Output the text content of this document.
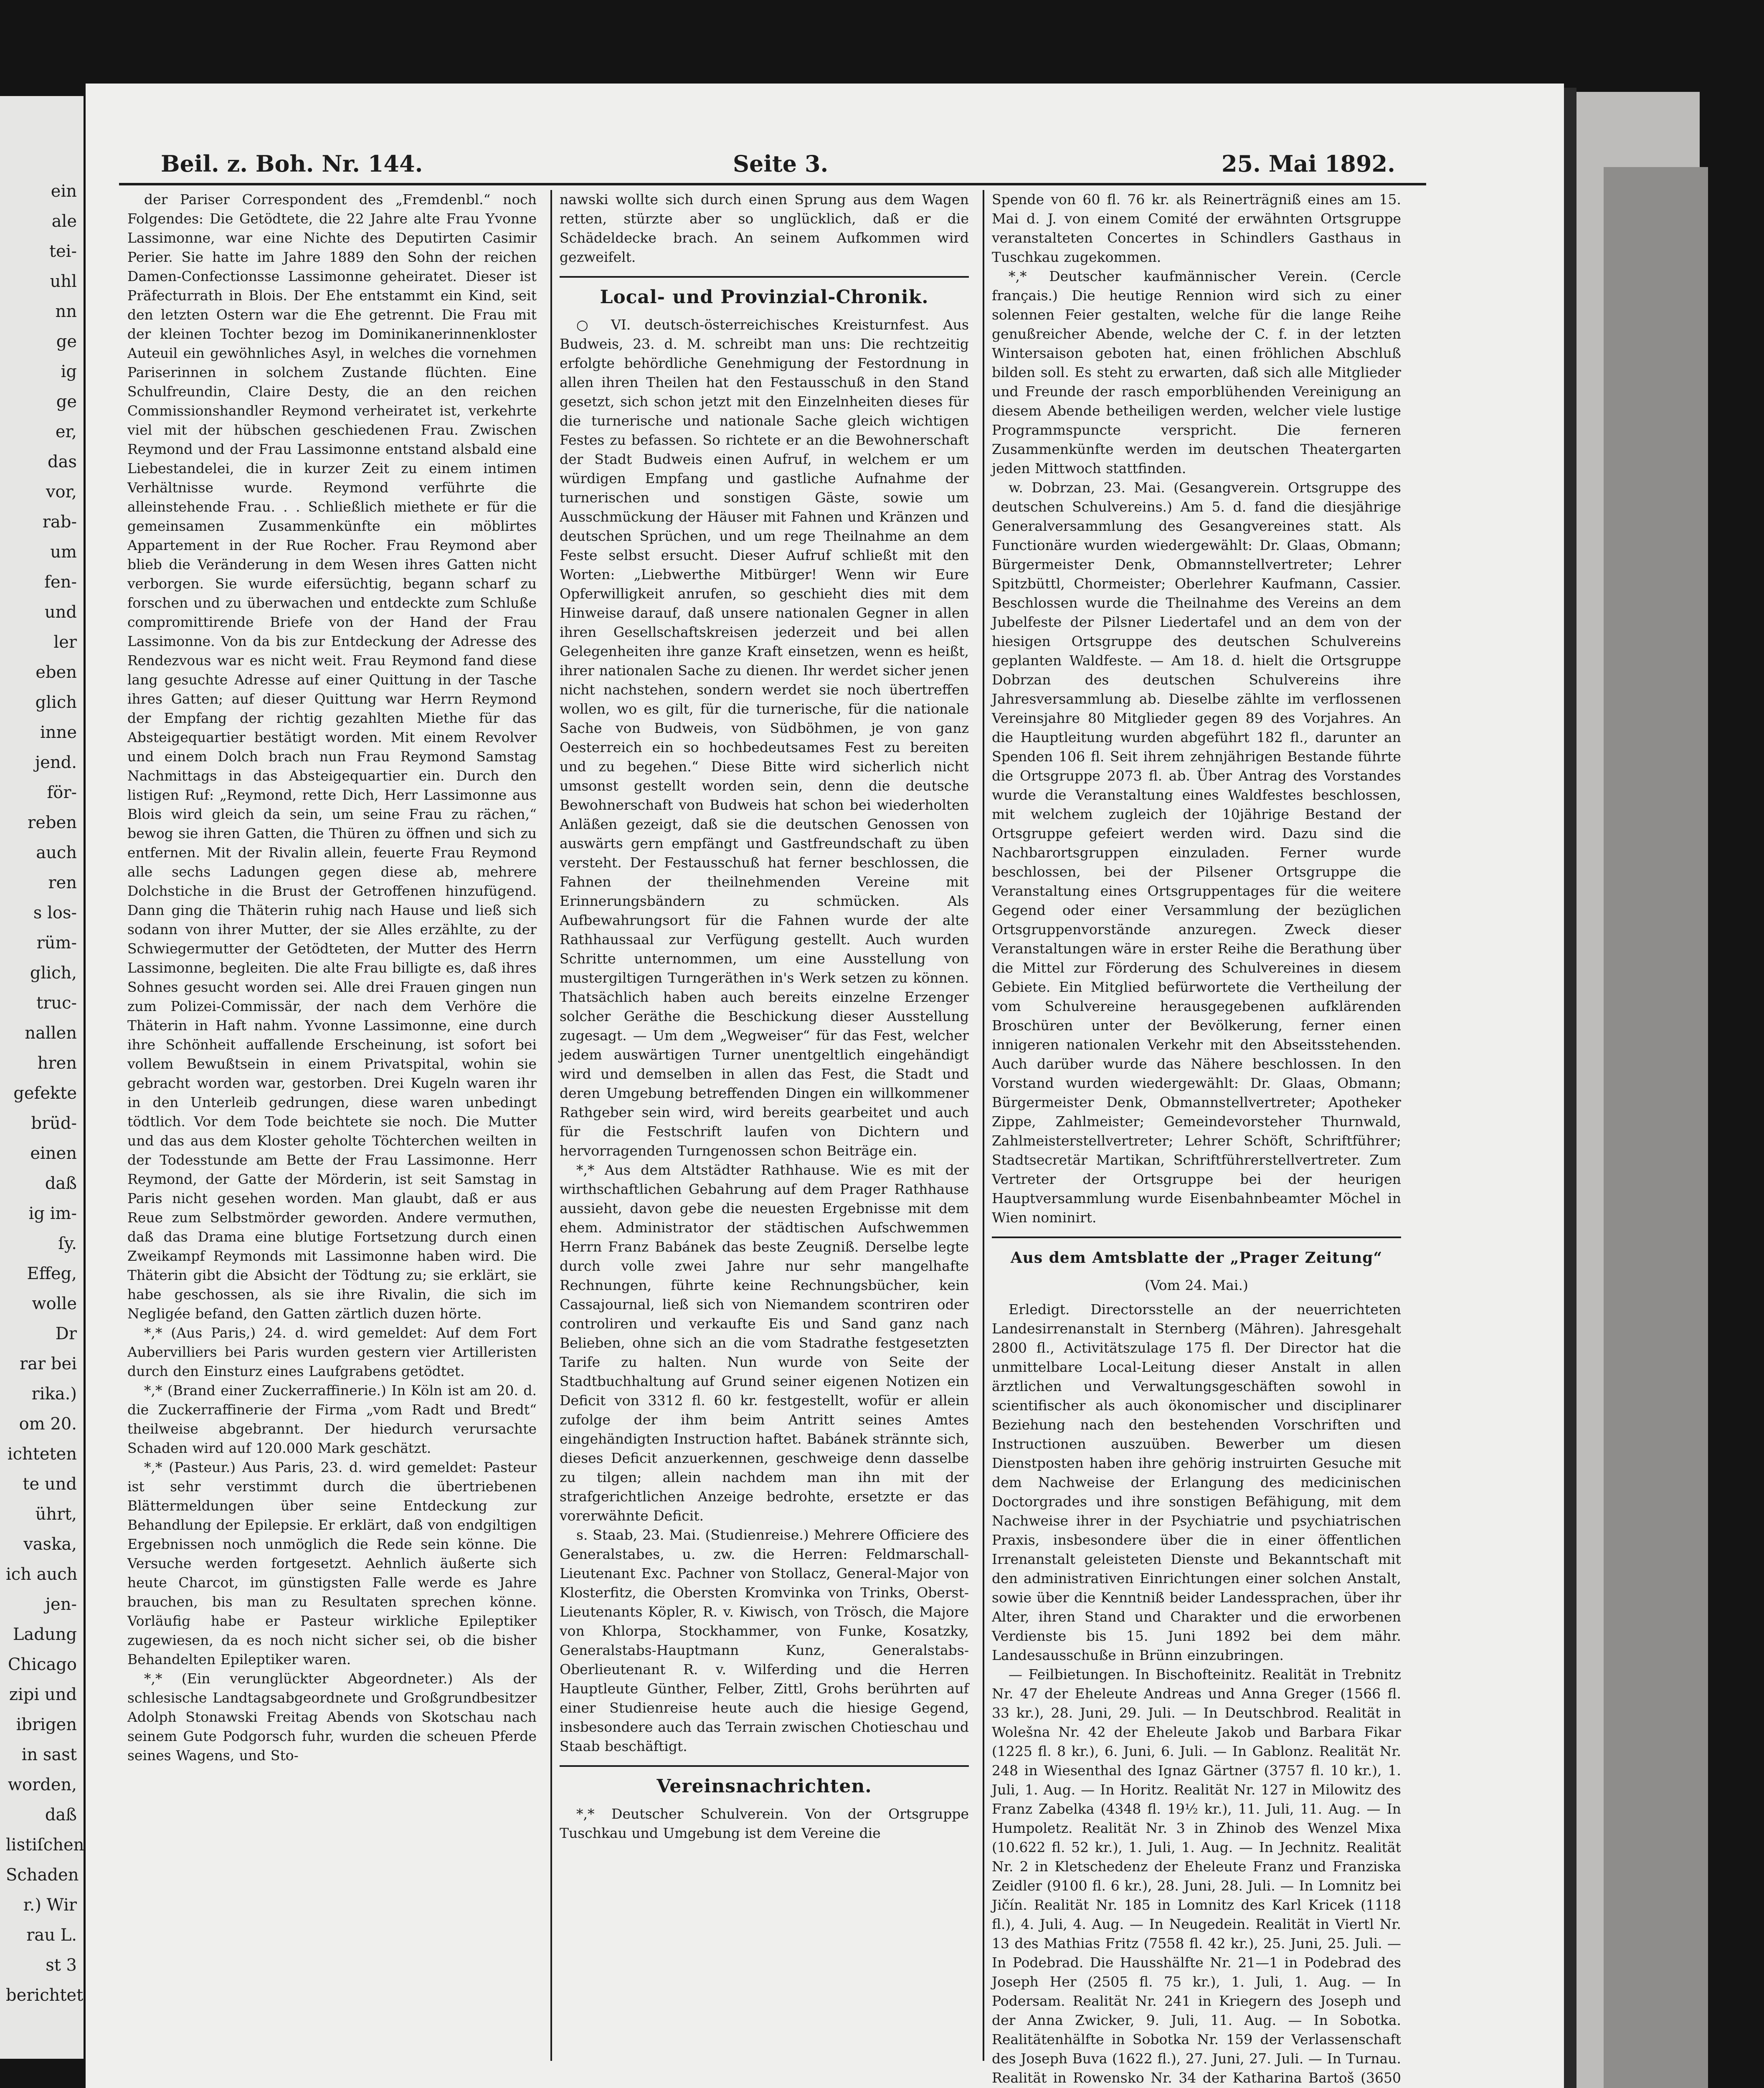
ein
ale
tei-
uhl
nn
ge
ig
ge
er,
das
vor,
rab-
um
fen-
und
ler
eben
glich
inne
jend.
för-
reben
auch
ren
s los-
rüm-
glich,
truc-
nallen
hren
gefekte
brüd-
einen
daß
ig im-
ſy.
Effeg,
wolle
Dr
rar bei
rika.)
om 20.
ichteten
te und
ührt,
vaska,
ich auch
jen-
Ladung
Chicago
zipi und
ibrigen
in sast
worden,
daß
listiſchen
Schaden
r.) Wir
rau L.
st 3
berichtet
Beil. z. Boh. Nr. 144.	Seite 3.	25. Mai 1892.

der Pariser Correspondent des „Fremdenbl.“ noch Folgendes: Die Getödtete, die 22 Jahre alte Frau Yvonne Lassimonne, war eine Nichte des Deputirten Casimir Perier. Sie hatte im Jahre 1889 den Sohn der reichen Damen-Confectionsse Lassimonne geheiratet. Dieser ist Präfecturrath in Blois. Der Ehe entstammt ein Kind, seit den letzten Ostern war die Ehe getrennt. Die Frau mit der kleinen Tochter bezog im Dominikanerinnenkloster Auteuil ein gewöhnliches Asyl, in welches die vornehmen Pariserinnen in solchem Zustande flüchten. Eine Schulfreundin, Claire Desty, die an den reichen Commissionshandler Reymond verheiratet ist, verkehrte viel mit der hübschen geschiedenen Frau. Zwischen Reymond und der Frau Lassimonne entstand alsbald eine Liebestandelei, die in kurzer Zeit zu einem intimen Verhältnisse wurde. Reymond verführte die alleinstehende Frau. . . Schließlich miethete er für die gemeinsamen Zusammenkünfte ein möblirtes Appartement in der Rue Rocher. Frau Reymond aber blieb die Veränderung in dem Wesen ihres Gatten nicht verborgen. Sie wurde eifersüchtig, begann scharf zu forschen und zu überwachen und entdeckte zum Schluße compromittirende Briefe von der Hand der Frau Lassimonne. Von da bis zur Entdeckung der Adresse des Rendezvous war es nicht weit. Frau Reymond fand diese lang gesuchte Adresse auf einer Quittung in der Tasche ihres Gatten; auf dieser Quittung war Herrn Reymond der Empfang der richtig gezahlten Miethe für das Absteigequartier bestätigt worden. Mit einem Revolver und einem Dolch brach nun Frau Reymond Samstag Nachmittags in das Absteigequartier ein. Durch den listigen Ruf: „Reymond, rette Dich, Herr Lassimonne aus Blois wird gleich da sein, um seine Frau zu rächen,“ bewog sie ihren Gatten, die Thüren zu öffnen und sich zu entfernen. Mit der Rivalin allein, feuerte Frau Reymond alle sechs Ladungen gegen diese ab, mehrere Dolchstiche in die Brust der Getroffenen hinzufügend. Dann ging die Thäterin ruhig nach Hause und ließ sich sodann von ihrer Mutter, der sie Alles erzählte, zu der Schwiegermutter der Getödteten, der Mutter des Herrn Lassimonne, begleiten. Die alte Frau billigte es, daß ihres Sohnes gesucht worden sei. Alle drei Frauen gingen nun zum Polizei-Commissär, der nach dem Verhöre die Thäterin in Haft nahm. Yvonne Lassimonne, eine durch ihre Schönheit auffallende Erscheinung, ist sofort bei vollem Bewußtsein in einem Privatspital, wohin sie gebracht worden war, gestorben. Drei Kugeln waren ihr in den Unterleib gedrungen, diese waren unbedingt tödtlich. Vor dem Tode beichtete sie noch. Die Mutter und das aus dem Kloster geholte Töchterchen weilten in der Todesstunde am Bette der Frau Lassimonne. Herr Reymond, der Gatte der Mörderin, ist seit Samstag in Paris nicht gesehen worden. Man glaubt, daß er aus Reue zum Selbstmörder geworden. Andere vermuthen, daß das Drama eine blutige Fortsetzung durch einen Zweikampf Reymonds mit Lassimonne haben wird. Die Thäterin gibt die Absicht der Tödtung zu; sie erklärt, sie habe geschossen, als sie ihre Rivalin, die sich im Negligée befand, den Gatten zärtlich duzen hörte.

*,* (Aus Paris,) 24. d. wird gemeldet: Auf dem Fort Aubervilliers bei Paris wurden gestern vier Artilleristen durch den Einsturz eines Laufgrabens getödtet.

*,* (Brand einer Zuckerraffinerie.) In Köln ist am 20. d. die Zuckerraffinerie der Firma „vom Radt und Bredt“ theilweise abgebrannt. Der hiedurch verursachte Schaden wird auf 120.000 Mark geschätzt.

*,* (Pasteur.) Aus Paris, 23. d. wird gemeldet: Pasteur ist sehr verstimmt durch die übertriebenen Blättermeldungen über seine Entdeckung zur Behandlung der Epilepsie. Er erklärt, daß von endgiltigen Ergebnissen noch unmöglich die Rede sein könne. Die Versuche werden fortgesetzt. Aehnlich äußerte sich heute Charcot, im günstigsten Falle werde es Jahre brauchen, bis man zu Resultaten sprechen könne. Vorläufig habe er Pasteur wirkliche Epileptiker zugewiesen, da es noch nicht sicher sei, ob die bisher Behandelten Epileptiker waren.

*,* (Ein verunglückter Abgeordneter.) Als der schlesische Landtagsabgeordnete und Großgrundbesitzer Adolph Stonawski Freitag Abends von Skotschau nach seinem Gute Podgorsch fuhr, wurden die scheuen Pferde seines Wagens, und Sto-

nawski wollte sich durch einen Sprung aus dem Wagen retten, stürzte aber so unglücklich, daß er die Schädeldecke brach. An seinem Aufkommen wird gezweifelt.

Local- und Provinzial-Chronik.

○ VI. deutsch-österreichisches Kreisturnfest. Aus Budweis, 23. d. M. schreibt man uns: Die rechtzeitig erfolgte behördliche Genehmigung der Festordnung in allen ihren Theilen hat den Festausschuß in den Stand gesetzt, sich schon jetzt mit den Einzelnheiten dieses für die turnerische und nationale Sache gleich wichtigen Festes zu befassen. So richtete er an die Bewohnerschaft der Stadt Budweis einen Aufruf, in welchem er um würdigen Empfang und gastliche Aufnahme der turnerischen und sonstigen Gäste, sowie um Ausschmückung der Häuser mit Fahnen und Kränzen und deutschen Sprüchen, und um rege Theilnahme an dem Feste selbst ersucht. Dieser Aufruf schließt mit den Worten: „Liebwerthe Mitbürger! Wenn wir Eure Opferwilligkeit anrufen, so geschieht dies mit dem Hinweise darauf, daß unsere nationalen Gegner in allen ihren Gesellschaftskreisen jederzeit und bei allen Gelegenheiten ihre ganze Kraft einsetzen, wenn es heißt, ihrer nationalen Sache zu dienen. Ihr werdet sicher jenen nicht nachstehen, sondern werdet sie noch übertreffen wollen, wo es gilt, für die turnerische, für die nationale Sache von Budweis, von Südböhmen, je von ganz Oesterreich ein so hochbedeutsames Fest zu bereiten und zu begehen.“ Diese Bitte wird sicherlich nicht umsonst gestellt worden sein, denn die deutsche Bewohnerschaft von Budweis hat schon bei wiederholten Anläßen gezeigt, daß sie die deutschen Genossen von auswärts gern empfängt und Gastfreundschaft zu üben versteht. Der Festausschuß hat ferner beschlossen, die Fahnen der theilnehmenden Vereine mit Erinnerungsbändern zu schmücken. Als Aufbewahrungsort für die Fahnen wurde der alte Rathhaussaal zur Verfügung gestellt. Auch wurden Schritte unternommen, um eine Ausstellung von mustergiltigen Turngeräthen in's Werk setzen zu können. Thatsächlich haben auch bereits einzelne Erzenger solcher Geräthe die Beschickung dieser Ausstellung zugesagt. — Um dem „Wegweiser“ für das Fest, welcher jedem auswärtigen Turner unentgeltlich eingehändigt wird und demselben in allen das Fest, die Stadt und deren Umgebung betreffenden Dingen ein willkommener Rathgeber sein wird, wird bereits gearbeitet und auch für die Festschrift laufen von Dichtern und hervorragenden Turngenossen schon Beiträge ein.

*,* Aus dem Altstädter Rathhause. Wie es mit der wirthschaftlichen Gebahrung auf dem Prager Rathhause aussieht, davon gebe die neuesten Ergebnisse mit dem ehem. Administrator der städtischen Aufschwemmen Herrn Franz Babánek das beste Zeugniß. Derselbe legte durch volle zwei Jahre nur sehr mangelhafte Rechnungen, führte keine Rechnungsbücher, kein Cassajournal, ließ sich von Niemandem scontriren oder controliren und verkaufte Eis und Sand ganz nach Belieben, ohne sich an die vom Stadrathe festgesetzten Tarife zu halten. Nun wurde von Seite der Stadtbuchhaltung auf Grund seiner eigenen Notizen ein Deficit von 3312 fl. 60 kr. festgestellt, wofür er allein zufolge der ihm beim Antritt seines Amtes eingehändigten Instruction haftet. Babánek strännte sich, dieses Deficit anzuerkennen, geschweige denn dasselbe zu tilgen; allein nachdem man ihn mit der strafgerichtlichen Anzeige bedrohte, ersetzte er das vorerwähnte Deficit.

s. Staab, 23. Mai. (Studienreise.) Mehrere Officiere des Generalstabes, u. zw. die Herren: Feldmarschall-Lieutenant Exc. Pachner von Stollacz, General-Major von Klosterfitz, die Obersten Kromvinka von Trinks, Oberst-Lieutenants Köpler, R. v. Kiwisch, von Trösch, die Majore von Khlorpa, Stockhammer, von Funke, Kosatzky, Generalstabs-Hauptmann Kunz, Generalstabs-Oberlieutenant R. v. Wilferding und die Herren Hauptleute Günther, Felber, Zittl, Grohs berührten auf einer Studienreise heute auch die hiesige Gegend, insbesondere auch das Terrain zwischen Chotieschau und Staab beschäftigt.

Vereinsnachrichten.

*,* Deutscher Schulverein. Von der Ortsgruppe Tuschkau und Umgebung ist dem Vereine die

Spende von 60 fl. 76 kr. als Reinerträgniß eines am 15. Mai d. J. von einem Comité der erwähnten Ortsgruppe veranstalteten Concertes in Schindlers Gasthaus in Tuschkau zugekommen.

*,* Deutscher kaufmännischer Verein. (Cercle français.) Die heutige Rennion wird sich zu einer solennen Feier gestalten, welche für die lange Reihe genußreicher Abende, welche der C. f. in der letzten Wintersaison geboten hat, einen fröhlichen Abschluß bilden soll. Es steht zu erwarten, daß sich alle Mitglieder und Freunde der rasch emporblühenden Vereinigung an diesem Abende betheiligen werden, welcher viele lustige Programmspuncte verspricht. Die ferneren Zusammenkünfte werden im deutschen Theatergarten jeden Mittwoch stattfinden.

w. Dobrzan, 23. Mai. (Gesangverein. Ortsgruppe des deutschen Schulvereins.) Am 5. d. fand die diesjährige Generalversammlung des Gesangvereines statt. Als Functionäre wurden wiedergewählt: Dr. Glaas, Obmann; Bürgermeister Denk, Obmannstellvertreter; Lehrer Spitzbüttl, Chormeister; Oberlehrer Kaufmann, Cassier. Beschlossen wurde die Theilnahme des Vereins an dem Jubelfeste der Pilsner Liedertafel und an dem von der hiesigen Ortsgruppe des deutschen Schulvereins geplanten Waldfeste. — Am 18. d. hielt die Ortsgruppe Dobrzan des deutschen Schulvereins ihre Jahresversammlung ab. Dieselbe zählte im verflossenen Vereinsjahre 80 Mitglieder gegen 89 des Vorjahres. An die Hauptleitung wurden abgeführt 182 fl., darunter an Spenden 106 fl. Seit ihrem zehnjährigen Bestande führte die Ortsgruppe 2073 fl. ab. Über Antrag des Vorstandes wurde die Veranstaltung eines Waldfestes beschlossen, mit welchem zugleich der 10jährige Bestand der Ortsgruppe gefeiert werden wird. Dazu sind die Nachbarortsgruppen einzuladen. Ferner wurde beschlossen, bei der Pilsener Ortsgruppe die Veranstaltung eines Ortsgruppentages für die weitere Gegend oder einer Versammlung der bezüglichen Ortsgruppenvorstände anzuregen. Zweck dieser Veranstaltungen wäre in erster Reihe die Berathung über die Mittel zur Förderung des Schulvereines in diesem Gebiete. Ein Mitglied befürwortete die Vertheilung der vom Schulvereine herausgegebenen aufklärenden Broschüren unter der Bevölkerung, ferner einen innigeren nationalen Verkehr mit den Abseitsstehenden. Auch darüber wurde das Nähere beschlossen. In den Vorstand wurden wiedergewählt: Dr. Glaas, Obmann; Bürgermeister Denk, Obmannstellvertreter; Apotheker Zippe, Zahlmeister; Gemeindevorsteher Thurnwald, Zahlmeisterstellvertreter; Lehrer Schöft, Schriftführer; Stadtsecretär Martikan, Schriftführerstellvertreter. Zum Vertreter der Ortsgruppe bei der heurigen Hauptversammlung wurde Eisenbahnbeamter Möchel in Wien nominirt.

Aus dem Amtsblatte der „Prager Zeitung“
(Vom 24. Mai.)

Erledigt. Directorsstelle an der neuerrichteten Landesirrenanstalt in Sternberg (Mähren). Jahresgehalt 2800 fl., Activitätszulage 175 fl. Der Director hat die unmittelbare Local-Leitung dieser Anstalt in allen ärztlichen und Verwaltungsgeschäften sowohl in scientifischer als auch ökonomischer und disciplinarer Beziehung nach den bestehenden Vorschriften und Instructionen auszuüben. Bewerber um diesen Dienstposten haben ihre gehörig instruirten Gesuche mit dem Nachweise der Erlangung des medicinischen Doctorgrades und ihre sonstigen Befähigung, mit dem Nachweise ihrer in der Psychiatrie und psychiatrischen Praxis, insbesondere über die in einer öffentlichen Irrenanstalt geleisteten Dienste und Bekanntschaft mit den administrativen Einrichtungen einer solchen Anstalt, sowie über die Kenntniß beider Landessprachen, über ihr Alter, ihren Stand und Charakter und die erworbenen Verdienste bis 15. Juni 1892 bei dem mähr. Landesausschuße in Brünn einzubringen.

— Feilbietungen. In Bischofteinitz. Realität in Trebnitz Nr. 47 der Eheleute Andreas und Anna Greger (1566 fl. 33 kr.), 28. Juni, 29. Juli. — In Deutschbrod. Realität in Wolešna Nr. 42 der Eheleute Jakob und Barbara Fikar (1225 fl. 8 kr.), 6. Juni, 6. Juli. — In Gablonz. Realität Nr. 248 in Wiesenthal des Ignaz Gärtner (3757 fl. 10 kr.), 1. Juli, 1. Aug. — In Horitz. Realität Nr. 127 in Milowitz des Franz Zabelka (4348 fl. 19½ kr.), 11. Juli, 11. Aug. — In Humpoletz. Realität Nr. 3 in Zhinob des Wenzel Mixa (10.622 fl. 52 kr.), 1. Juli, 1. Aug. — In Jechnitz. Realität Nr. 2 in Kletschedenz der Eheleute Franz und Franziska Zeidler (9100 fl. 6 kr.), 28. Juni, 28. Juli. — In Lomnitz bei Jičín. Realität Nr. 185 in Lomnitz des Karl Kricek (1118 fl.), 4. Juli, 4. Aug. — In Neugedein. Realität in Viertl Nr. 13 des Mathias Fritz (7558 fl. 42 kr.), 25. Juni, 25. Juli. — In Podebrad. Die Hausshälfte Nr. 21—1 in Podebrad des Joseph Her (2505 fl. 75 kr.), 1. Juli, 1. Aug. — In Podersam. Realität Nr. 241 in Kriegern des Joseph und der Anna Zwicker, 9. Juli, 11. Aug. — In Sobotka. Realitätenhälfte in Sobotka Nr. 159 der Verlassenschaft des Joseph Buva (1622 fl.), 27. Juni, 27. Juli. — In Turnau. Realität in Rowensko Nr. 34 der Katharina Bartoš (3650
